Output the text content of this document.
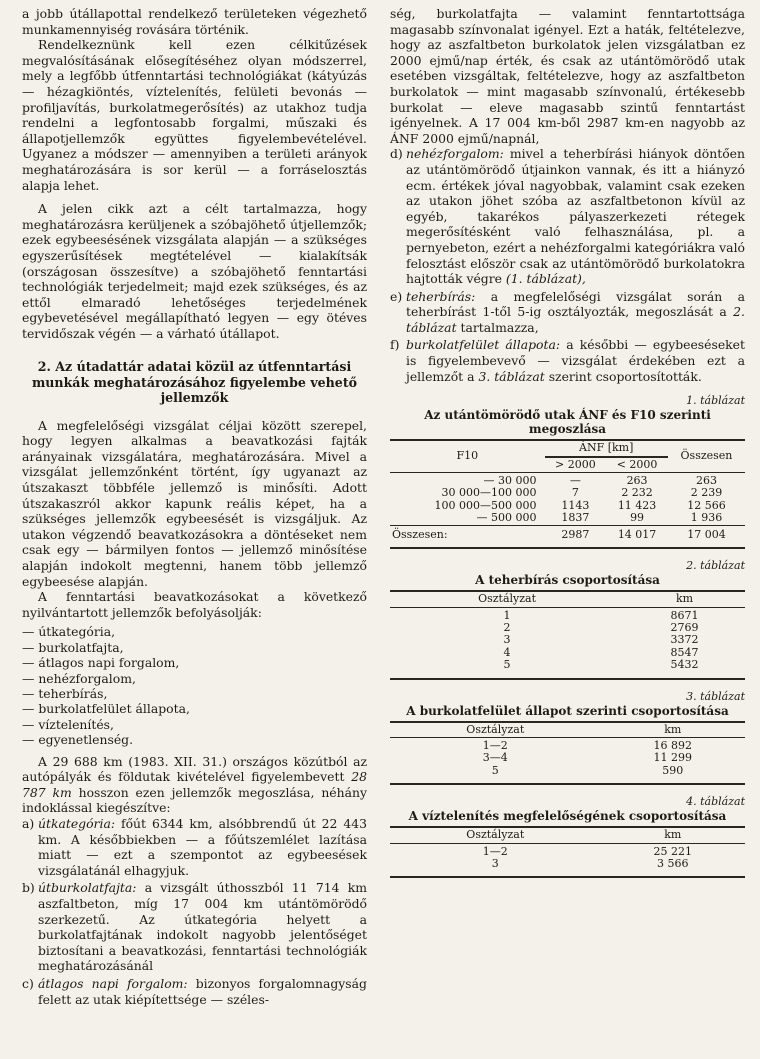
a jobb útállapottal rendelkező területeken végezhető munkamennyiség rovására történik.

Rendelkeznünk kell ezen célkitűzések megvalósításának elősegítéséhez olyan módszerrel, mely a legfőbb útfenntartási technológiákat (kátyúzás — hézagkiöntés, víztelenítés, felületi bevonás — profiljavítás, burkolatmegerősítés) az utakhoz tudja rendelni a legfontosabb forgalmi, műszaki és állapotjellemzők együttes figyelembevételével. Ugyanez a módszer — amennyiben a területi arányok meghatározására is sor kerül — a forráselosztás alapja lehet.

A jelen cikk azt a célt tartalmazza, hogy meghatározásra kerüljenek a szóbajöhető útjellemzők; ezek egybeesésének vizsgálata alapján — a szükséges egyszerűsítések megtételével — kialakítsák (országosan összesítve) a szóbajöhető fenntartási technológiák terjedelmeit; majd ezek szükséges, és az ettől elmaradó lehetőséges terjedelmének egybevetésével megállapítható legyen — egy ötéves tervidőszak végén — a várható útállapot.

2. Az útadattár adatai közül az útfenntartási munkák meghatározásához figyelembe vehető jellemzők

A megfelelőségi vizsgálat céljai között szerepel, hogy legyen alkalmas a beavatkozási fajták arányainak vizsgálatára, meghatározására. Mivel a vizsgálat jellemzőnként történt, így ugyanazt az útszakaszt többféle jellemző is minősíti. Adott útszakaszról akkor kapunk reális képet, ha a szükséges jellemzők egybeesését is vizsgáljuk. Az utakon végzendő beavatkozásokra a döntéseket nem csak egy — bármilyen fontos — jellemző minősítése alapján indokolt megtenni, hanem több jellemző egybeesése alapján.

A fenntartási beavatkozásokat a következő nyilvántartott jellemzők befolyásolják:

— útkategória,
— burkolatfajta,
— átlagos napi forgalom,
— nehézforgalom,
— teherbírás,
— burkolatfelület állapota,
— víztelenítés,
— egyenetlenség.

A 29 688 km (1983. XII. 31.) országos közútból az autópályák és földutak kivételével figyelembevett 28 787 km hosszon ezen jellemzők megoszlása, néhány indoklással kiegészítve:

a) útkategória: főút 6344 km, alsóbbrendű út 22 443 km. A későbbiekben — a főútszemlélet lazítása miatt — ezt a szempontot az egybeesések vizsgálatánál elhagyjuk.
b) útburkolatfajta: a vizsgált úthosszból 11 714 km aszfaltbeton, míg 17 004 km utántömörödő szerkezetű. Az útkategória helyett a burkolatfajtának indokolt nagyobb jelentőséget biztosítani a beavatkozási, fenntartási technológiák meghatározásánál
c) átlagos napi forgalom: bizonyos forgalomnagyság felett az utak kiépítettsége — széles-

ség, burkolatfajta — valamint fenntartottsága magasabb színvonalat igényel. Ezt a haták, feltételezve, hogy az aszfaltbeton burkolatok jelen vizsgálatban ez 2000 ejmű/nap érték, és csak az utántömörödő utak esetében vizsgáltak, feltételezve, hogy az aszfaltbeton burkolatok — mint magasabb színvonalú, értékesebb burkolat — eleve magasabb szintű fenntartást igényelnek. A 17 004 km-ből 2987 km-en nagyobb az ÁNF 2000 ejmű/napnál,

d) nehézforgalom: mivel a teherbírási hiányok döntően az utántömörödő útjainkon vannak, és itt a hiányzó ecm. értékek jóval nagyobbak, valamint csak ezeken az utakon jöhet szóba az aszfaltbetonon kívül az egyéb, takarékos pályaszerkezeti rétegek megerősítésként való felhasználása, pl. a pernyebeton, ezért a nehézforgalmi kategóriákra való felosztást először csak az utántömörödő burkolatokra hajtották végre (1. táblázat),
e) teherbírás: a megfelelőségi vizsgálat során a teherbírást 1-től 5-ig osztályozták, megoszlását a 2. táblázat tartalmazza,
f) burkolatfelület állapota: a későbbi — egybeeséseket is figyelembevevő — vizsgálat érdekében ezt a jellemzőt a 3. táblázat szerint csoportosították.
1. táblázat
Az utántömörödő utak ÁNF és F10 szerinti megoszlása
F10	ÁNF [km]		Összesen
	> 2000	< 2000	
— 30 000	—	263	263
30 000—100 000	7	2 232	2 239
100 000—500 000	1143	11 423	12 566
— 500 000	1837	99	1 936
Összesen:	2987	14 017	17 004

2. táblázat
A teherbírás csoportosítása
Osztályzat	km
1	8671
2	2769
3	3372
4	8547
5	5432

3. táblázat
A burkolatfelület állapot szerinti csoportosítása
Osztályzat	km
1—2	16 892
3—4	11 299
5	590

4. táblázat
A víztelenítés megfelelőségének csoportosítása
Osztályzat	km
1—2	25 221
3	3 566
